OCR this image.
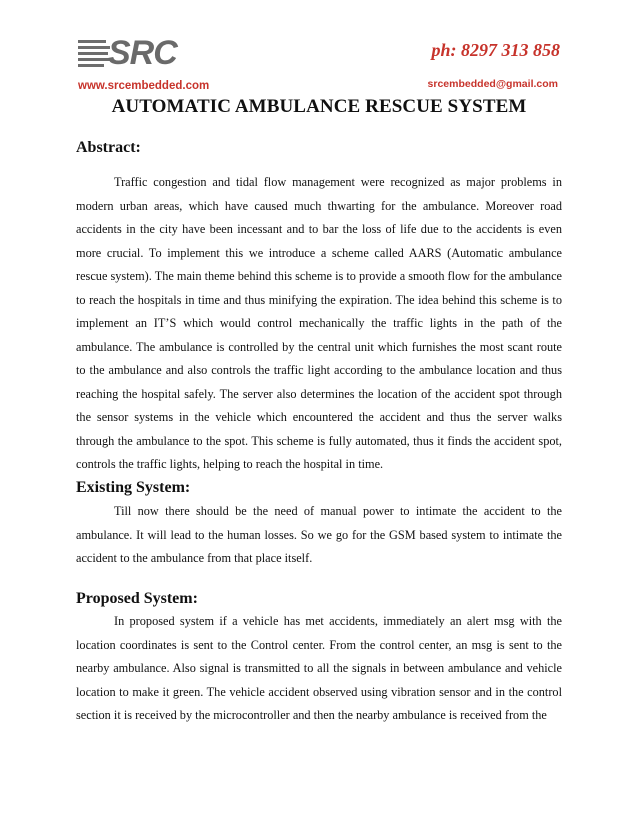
SRC
www.srcembedded.com
ph: 8297 313 858
srcembedded@gmail.com
AUTOMATIC AMBULANCE RESCUE SYSTEM
Abstract:

Traffic congestion and tidal flow management were recognized as major problems in modern urban areas, which have caused much thwarting for the ambulance. Moreover road accidents in the city have been incessant and to bar the loss of life due to the accidents is even more crucial. To implement this we introduce a scheme called AARS (Automatic ambulance rescue system). The main theme behind this scheme is to provide a smooth flow for the ambulance to reach the hospitals in time and thus minifying the expiration. The idea behind this scheme is to implement an IT’S which would control mechanically the traffic lights in the path of the ambulance. The ambulance is controlled by the central unit which furnishes the most scant route to the ambulance and also controls the traffic light according to the ambulance location and thus reaching the hospital safely. The server also determines the location of the accident spot through the sensor systems in the vehicle which encountered the accident and thus the server walks through the ambulance to the spot. This scheme is fully automated, thus it finds the accident spot, controls the traffic lights, helping to reach the hospital in time.

Existing System:

Till now there should be the need of manual power to intimate the accident to the ambulance. It will lead to the human losses. So we go for the GSM based system to intimate the accident to the ambulance from that place itself.

Proposed System:

In proposed system if a vehicle has met accidents, immediately an alert msg with the location coordinates is sent to the Control center. From the control center, an msg is sent to the nearby ambulance. Also signal is transmitted to all the signals in between ambulance and vehicle location to make it green. The vehicle accident observed using vibration sensor and in the control section it is received by the microcontroller and then the nearby ambulance is received from the
